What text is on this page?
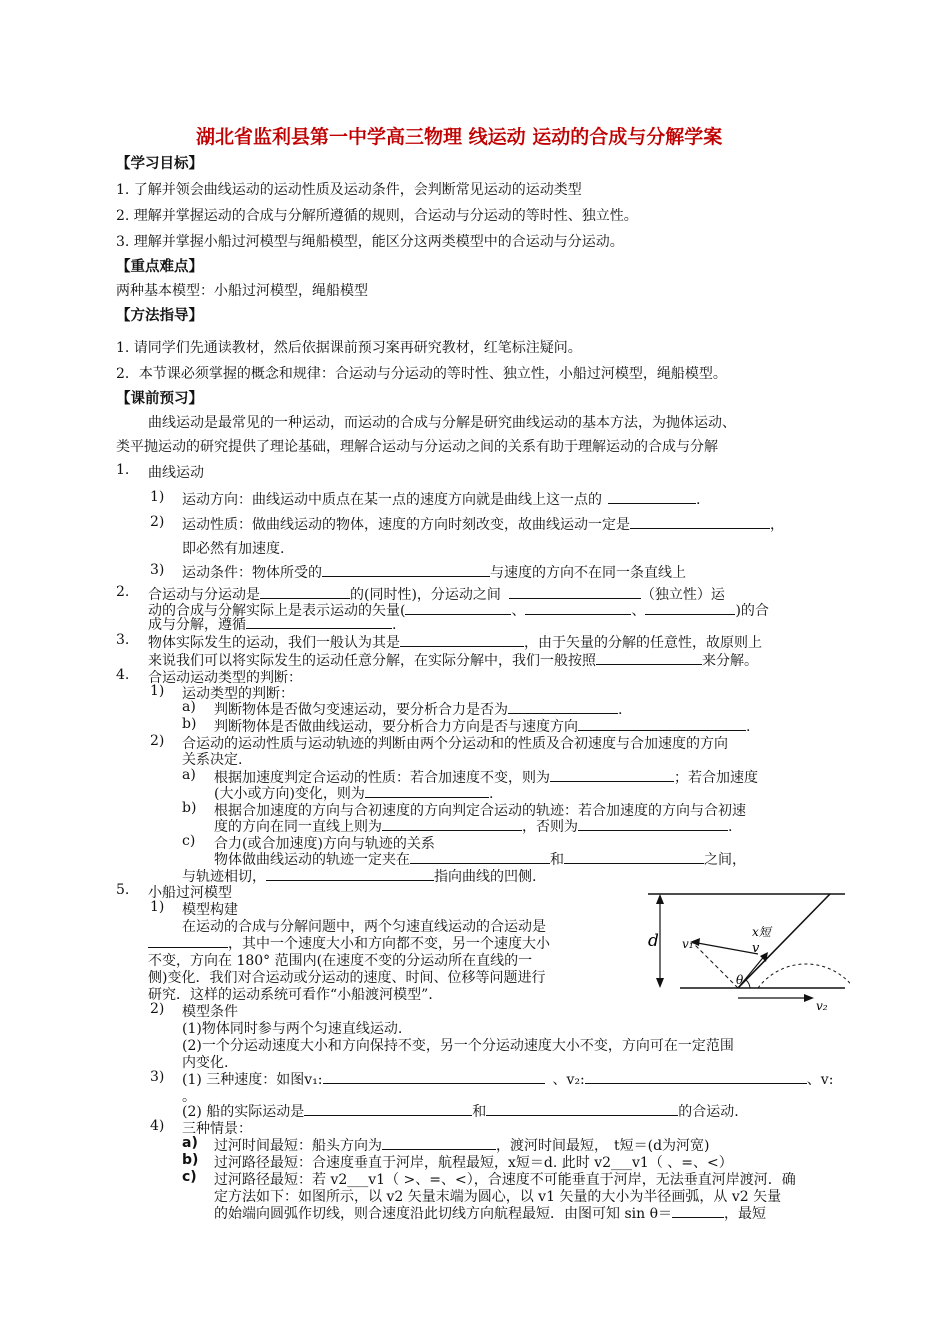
湖北省监利县第一中学高三物理 线运动 运动的合成与分解学案
【学习目标】
1. 了解并领会曲线运动的运动性质及运动条件，会判断常见运动的运动类型
2. 理解并掌握运动的合成与分解所遵循的规则，合运动与分运动的等时性、独立性。
3. 理解并掌握小船过河模型与绳船模型，能区分这两类模型中的合运动与分运动。
【重点难点】
两种基本模型：小船过河模型，绳船模型
【方法指导】
1. 请同学们先通读教材，然后依据课前预习案再研究教材，红笔标注疑问。
2．本节课必须掌握的概念和规律：合运动与分运动的等时性、独立性，小船过河模型，绳船模型。
【课前预习】
曲线运动是最常见的一种运动，而运动的合成与分解是研究曲线运动的基本方法，为抛体运动、
类平抛运动的研究提供了理论基础，理解合运动与分运动之间的关系有助于理解运动的合成与分解
1. 曲线运动
1) 运动方向：曲线运动中质点在某一点的速度方向就是曲线上这一点的	.
2) 运动性质：做曲线运动的物体，速度的方向时刻改变，故曲线运动一定是	，
即必然有加速度.
3) 运动条件：物体所受的	与速度的方向不在同一条直线上
2. 合运动与分运动是	的(同时性)，分运动之间	（独立性）运
动的合成与分解实际上是表示运动的矢量(	、	、	)的合
成与分解，遵循	.
3. 物体实际发生的运动，我们一般认为其是	，由于矢量的分解的任意性，故原则上
来说我们可以将实际发生的运动任意分解，在实际分解中，我们一般按照	来分解。
4. 合运动运动类型的判断：
1) 运动类型的判断：
a) 判断物体是否做匀变速运动，要分析合力是否为	.
b) 判断物体是否做曲线运动，要分析合力方向是否与速度方向	.
2) 合运动的运动性质与运动轨迹的判断由两个分运动和的性质及合初速度与合加速度的方向
关系决定.
a) 根据加速度判定合运动的性质：若合加速度不变，则为	；若合加速度
(大小或方向)变化，则为	.
b) 根据合加速度的方向与合初速度的方向判定合运动的轨迹：若合加速度的方向与合初速
度的方向在同一直线上则为	，否则为	.
c) 合力(或合加速度)方向与轨迹的关系
物体做曲线运动的轨迹一定夹在	和	之间，
与轨迹相切，	指向曲线的凹侧.
5. 小船过河模型
1) 模型构建
在运动的合成与分解问题中，两个匀速直线运动的合运动是
，其中一个速度大小和方向都不变，另一个速度大小
不变，方向在 180° 范围内(在速度不变的分运动所在直线的一
侧)变化．我们对合运动或分运动的速度、时间、位移等问题进行
研究．这样的运动系统可看作“小船渡河模型”．
2) 模型条件
(1)物体同时参与两个匀速直线运动.
(2)一个分运动速度大小和方向保持不变，另一个分运动速度大小不变，方向可在一定范围
内变化.
3) (1) 三种速度：如图v₁:	、v₂:	、v:
。
(2) 船的实际运动是	和	的合运动.
4) 三种情景：
a) 过河时间最短：船头方向为	，渡河时间最短， t短＝(d为河宽)
b) 过河路径最短：合速度垂直于河岸，航程最短，x短＝d. 此时 v2___v1（ 、=、<）
c) 过河路径最短：若 v2___v1（ >、=、<），合速度不可能垂直于河岸，无法垂直河岸渡河．确
定方法如下：如图所示，以 v2 矢量末端为圆心，以 v1 矢量的大小为半径画弧，从 v2 矢量
的始端向圆弧作切线，则合速度沿此切线方向航程最短．由图可知 sin θ＝	，最短
d	x短
v₁	v
θ
v₂
